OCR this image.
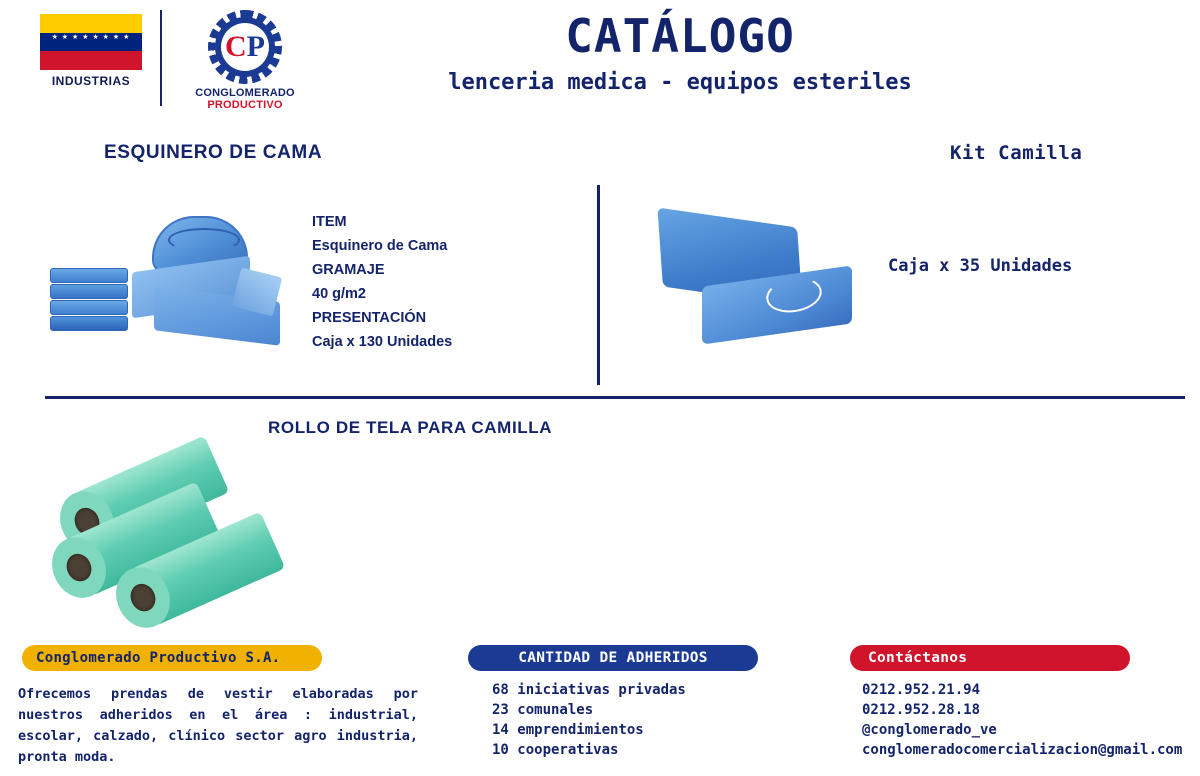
★ ★ ★ ★ ★ ★ ★ ★
INDUSTRIAS
CP
CONGLOMERADO
PRODUCTIVO
CATÁLOGO
lenceria medica - equipos esteriles
ESQUINERO DE CAMA	Kit Camilla
ROLLO DE TELA PARA CAMILLA
ITEM
Esquinero de Cama
GRAMAJE
40 g/m2
PRESENTACIÓN
Caja x 130 Unidades
Caja x 35 Unidades
Conglomerado Productivo S.A.
Ofrecemos prendas de vestir elaboradas por nuestros adheridos en el área : industrial, escolar, calzado, clínico sector agro industria, pronta moda.
CANTIDAD DE ADHERIDOS
68 iniciativas privadas
23 comunales
14 emprendimientos
10 cooperativas
Contáctanos
0212.952.21.94
0212.952.28.18
@conglomerado_ve
conglomeradocomercializacion@gmail.com
